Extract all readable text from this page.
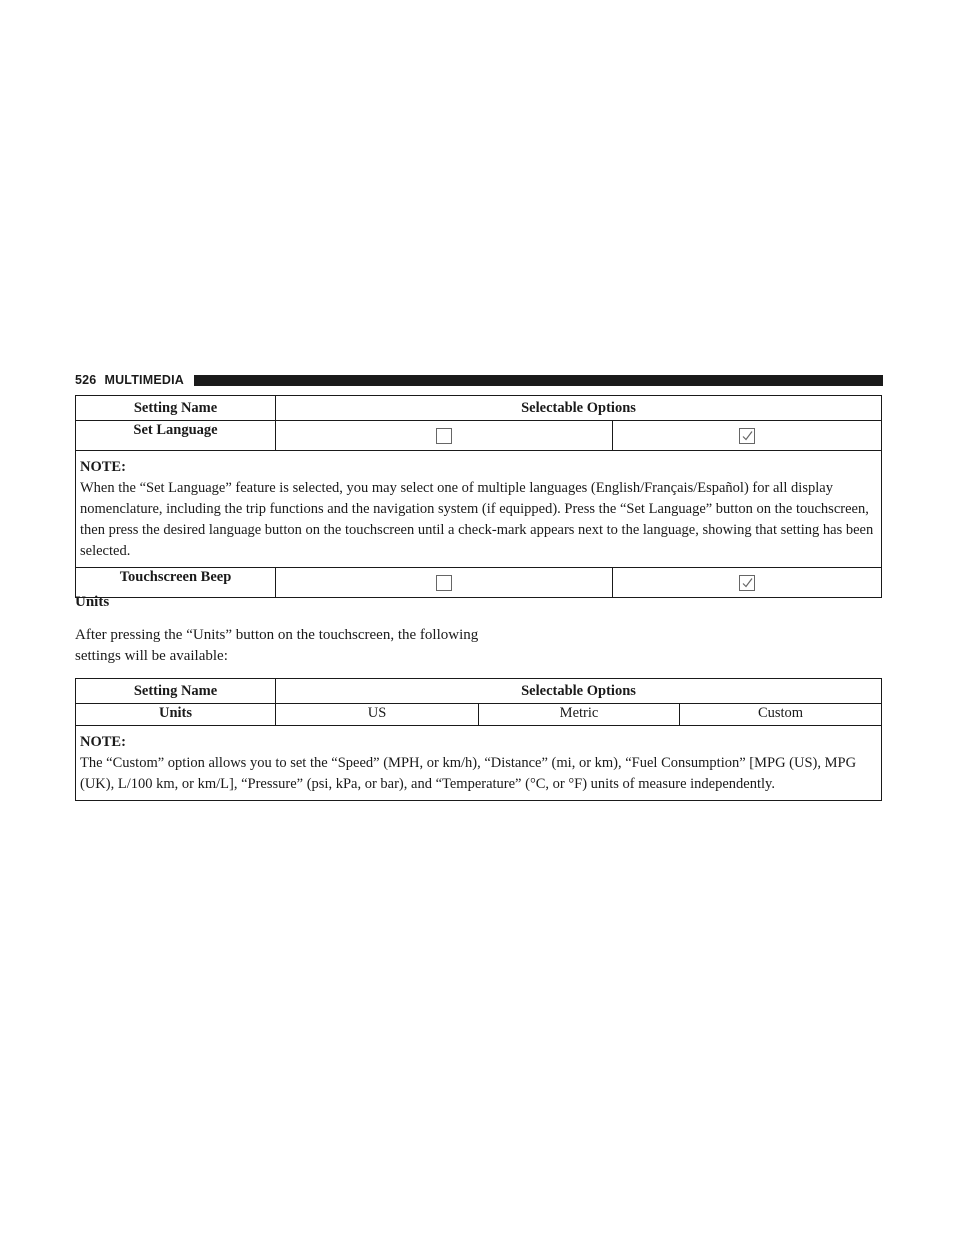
526 MULTIMEDIA
Setting Name	Selectable Options	
Set Language		

NOTE:
When the “Set Language” feature is selected, you may select one of multiple languages (English/Français/Español) for all display nomenclature, including the trip functions and the navigation system (if equipped). Press the “Set Language” button on the touchscreen, then press the desired language button on the touchscreen until a check-mark appears next to the language, showing that setting has been selected.		
Touchscreen Beep		
Units
After pressing the “Units” button on the touchscreen, the following settings will be available:
Setting Name	Selectable Options		
Units	US	Metric	Custom

NOTE:
The “Custom” option allows you to set the “Speed” (MPH, or km/h), “Distance” (mi, or km), “Fuel Consumption” [MPG (US), MPG (UK), L/100 km, or km/L], “Pressure” (psi, kPa, or bar), and “Temperature” (°C, or °F) units of measure independently.			
